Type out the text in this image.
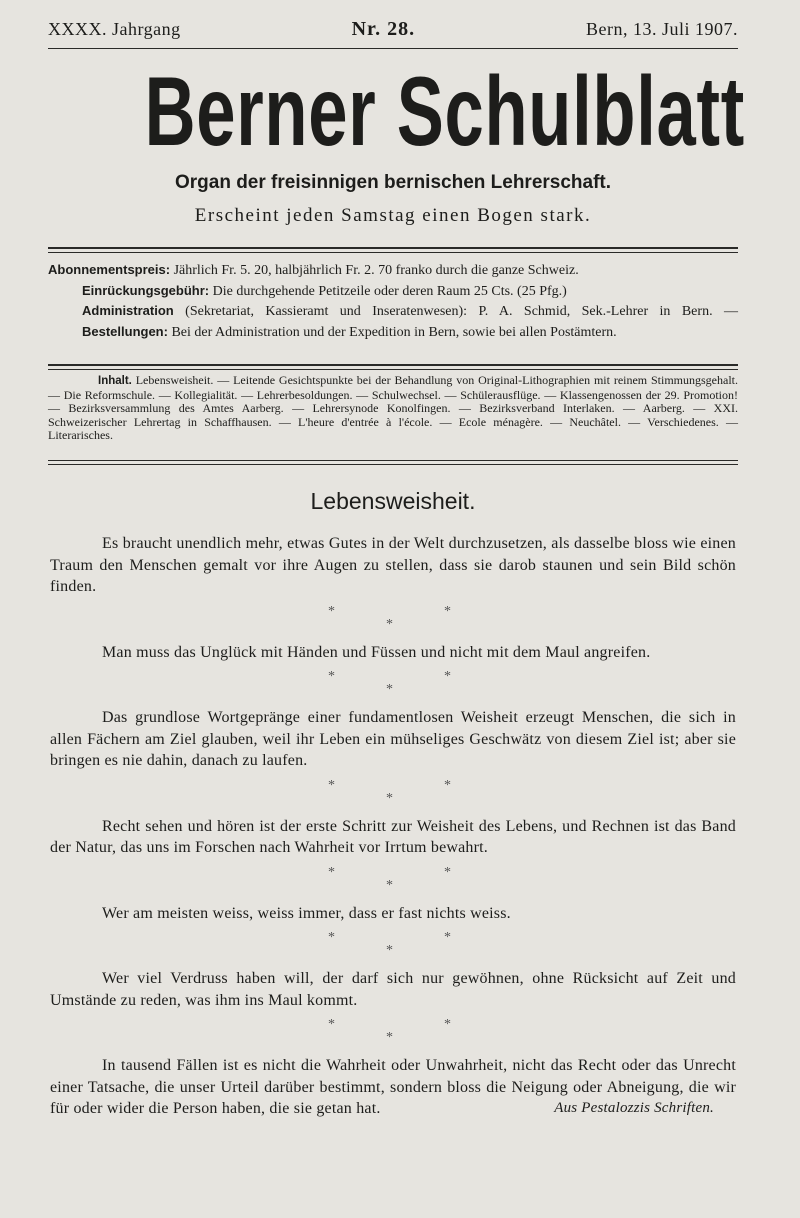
XXXX. Jahrgang	Nr. 28.	Bern, 13. Juli 1907.
Berner Schulblatt
Organ der freisinnigen bernischen Lehrerschaft.
Erscheint jeden Samstag einen Bogen stark.

Abonnementspreis: Jährlich Fr. 5. 20, halbjährlich Fr. 2. 70 franko durch die ganze Schweiz.

Einrückungsgebühr: Die durchgehende Petitzeile oder deren Raum 25 Cts. (25 Pfg.)

Administration (Sekretariat, Kassieramt und Inseratenwesen): P. A. Schmid, Sek.-Lehrer in Bern. — Bestellungen: Bei der Administration und der Expedition in Bern, sowie bei allen Postämtern.

Inhalt. Lebensweisheit. — Leitende Gesichtspunkte bei der Behandlung von Original-Lithographien mit reinem Stimmungsgehalt. — Die Reformschule. — Kollegialität. — Lehrerbesoldungen. — Schulwechsel. — Schülerausflüge. — Klassengenossen der 29. Promotion! — Bezirksversammlung des Amtes Aarberg. — Lehrersynode Konolfingen. — Bezirksverband Interlaken. — Aarberg. — XXI. Schweizerischer Lehrertag in Schaffhausen. — L'heure d'entrée à l'école. — Ecole ménagère. — Neuchâtel. — Verschiedenes. — Literarisches.
Lebensweisheit.

Es braucht unendlich mehr, etwas Gutes in der Welt durchzusetzen, als dasselbe bloss wie einen Traum den Menschen gemalt vor ihre Augen zu stellen, dass sie darob staunen und sein Bild schön finden.

*	*
*

Man muss das Unglück mit Händen und Füssen und nicht mit dem Maul angreifen.

*	*
*

Das grundlose Wortgepränge einer fundamentlosen Weisheit erzeugt Menschen, die sich in allen Fächern am Ziel glauben, weil ihr Leben ein mühseliges Geschwätz von diesem Ziel ist; aber sie bringen es nie dahin, danach zu laufen.

*	*
*

Recht sehen und hören ist der erste Schritt zur Weisheit des Lebens, und Rechnen ist das Band der Natur, das uns im Forschen nach Wahrheit vor Irrtum bewahrt.

*	*
*

Wer am meisten weiss, weiss immer, dass er fast nichts weiss.

*	*
*

Wer viel Verdruss haben will, der darf sich nur gewöhnen, ohne Rücksicht auf Zeit und Umstände zu reden, was ihm ins Maul kommt.

*	*
*

In tausend Fällen ist es nicht die Wahrheit oder Unwahrheit, nicht das Recht oder das Unrecht einer Tatsache, die unser Urteil darüber bestimmt, sondern bloss die Neigung oder Abneigung, die wir für oder wider die Person haben, die sie getan hat.	Aus Pestalozzis Schriften.
